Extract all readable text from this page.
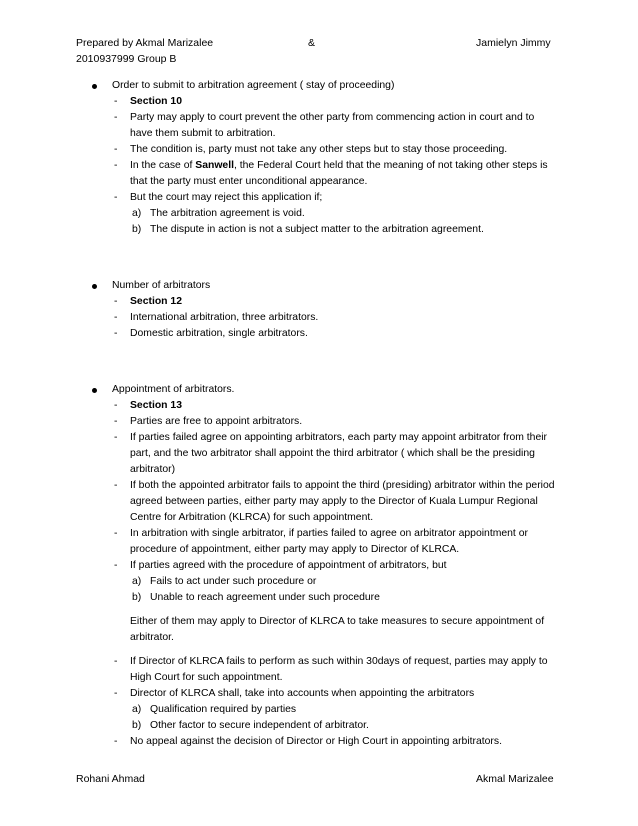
Prepared by Akmal Marizalee	&	Jamielyn Jimmy
2010937999 Group B
Order to submit to arbitration agreement ( stay of proceeding)
- Section 10
- Party may apply to court prevent the other party from commencing action in court and to have them submit to arbitration.
- The condition is, party must not take any other steps but to stay those proceeding.
- In the case of Sanwell, the Federal Court held that the meaning of not taking other steps is that the party must enter unconditional appearance.
- But the court may reject this application if;
a) The arbitration agreement is void.
b) The dispute in action is not a subject matter to the arbitration agreement.
Number of arbitrators
- Section 12
- International arbitration, three arbitrators.
- Domestic arbitration, single arbitrators.
Appointment of arbitrators.
- Section 13
- Parties are free to appoint arbitrators.
- If parties failed agree on appointing arbitrators, each party may appoint arbitrator from their part, and the two arbitrator shall appoint the third arbitrator ( which shall be the presiding arbitrator)
- If both the appointed arbitrator fails to appoint the third (presiding) arbitrator within the period agreed between parties, either party may apply to the Director of Kuala Lumpur Regional Centre for Arbitration (KLRCA) for such appointment.
- In arbitration with single arbitrator, if parties failed to agree on arbitrator appointment or procedure of appointment, either party may apply to Director of KLRCA.
- If parties agreed with the procedure of appointment of arbitrators, but
a) Fails to act under such procedure or
b) Unable to reach agreement under such procedure
Either of them may apply to Director of KLRCA to take measures to secure appointment of arbitrator.
- If Director of KLRCA fails to perform as such within 30days of request, parties may apply to High Court for such appointment.
- Director of KLRCA shall, take into accounts when appointing the arbitrators
a) Qualification required by parties
b) Other factor to secure independent of arbitrator.
- No appeal against the decision of Director or High Court in appointing arbitrators.
Rohani Ahmad	Akmal Marizalee
